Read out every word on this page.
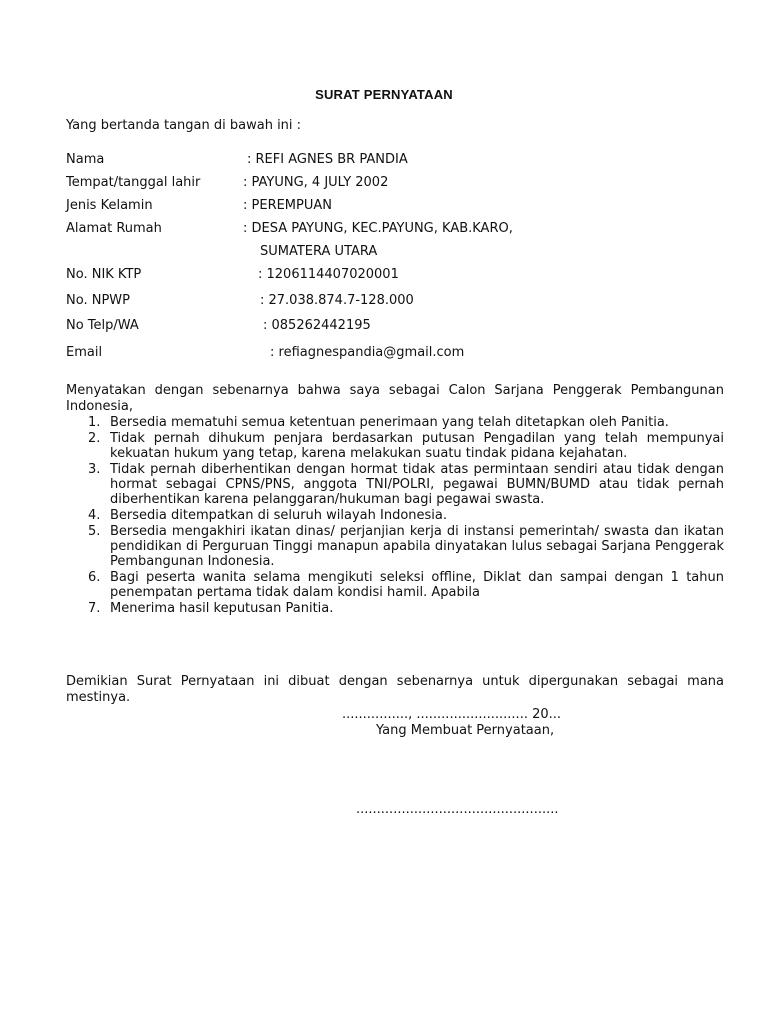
SURAT PERNYATAAN
Yang bertanda tangan di bawah ini :
Nama	: REFI AGNES BR PANDIA
Tempat/tanggal lahir	: PAYUNG, 4 JULY 2002
Jenis Kelamin	: PEREMPUAN
Alamat Rumah	: DESA PAYUNG, KEC.PAYUNG, KAB.KARO,
SUMATERA UTARA
No. NIK KTP	: 1206114407020001
No. NPWP	: 27.038.874.7-128.000
No Telp/WA	: 085262442195
Email	: refiagnespandia@gmail.com
Menyatakan dengan sebenarnya bahwa saya sebagai Calon Sarjana Penggerak Pembangunan Indonesia,
1. Bersedia mematuhi semua ketentuan penerimaan yang telah ditetapkan oleh Panitia.
2. Tidak pernah dihukum penjara berdasarkan putusan Pengadilan yang telah mempunyai kekuatan hukum yang tetap, karena melakukan suatu tindak pidana kejahatan.
3. Tidak pernah diberhentikan dengan hormat tidak atas permintaan sendiri atau tidak dengan hormat sebagai CPNS/PNS, anggota TNI/POLRI, pegawai BUMN/BUMD atau tidak pernah diberhentikan karena pelanggaran/hukuman bagi pegawai swasta.
4. Bersedia ditempatkan di seluruh wilayah Indonesia.
5. Bersedia mengakhiri ikatan dinas/ perjanjian kerja di instansi pemerintah/ swasta dan ikatan pendidikan di Perguruan Tinggi manapun apabila dinyatakan lulus sebagai Sarjana Penggerak Pembangunan Indonesia.
6. Bagi peserta wanita selama mengikuti seleksi offline, Diklat dan sampai dengan 1 tahun penempatan pertama tidak dalam kondisi hamil. Apabila
7. Menerima hasil keputusan Panitia.
Demikian Surat Pernyataan ini dibuat dengan sebenarnya untuk dipergunakan sebagai mana mestinya.
................, ........................... 20...
Yang Membuat Pernyataan,
.................................................
